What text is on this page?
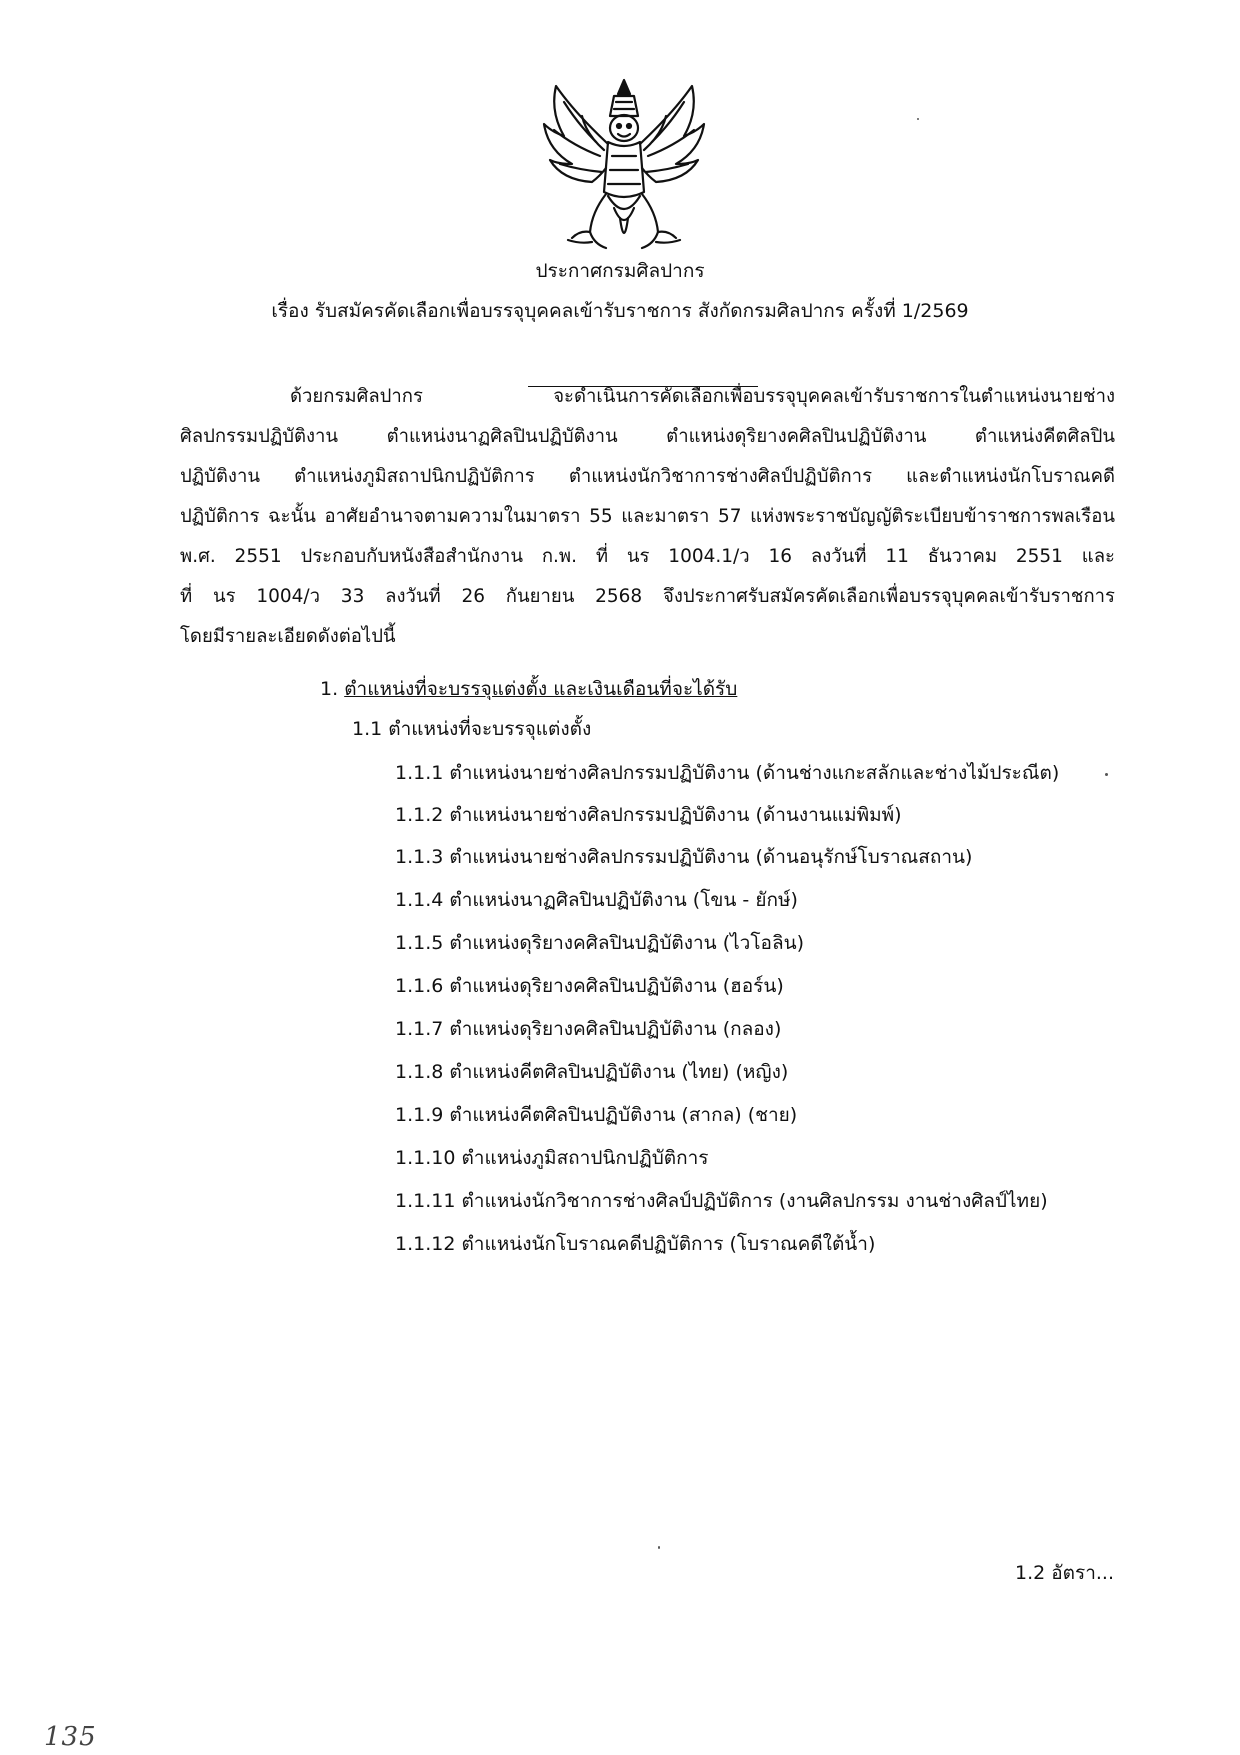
ประกาศกรมศิลปากร
เรื่อง รับสมัครคัดเลือกเพื่อบรรจุบุคคลเข้ารับราชการ สังกัดกรมศิลปากร ครั้งที่ 1/2569
ด้วยกรมศิลปากร จะดำเนินการคัดเลือกเพื่อบรรจุบุคคลเข้ารับราชการในตำแหน่งนายช่าง
ศิลปกรรมปฏิบัติงาน ตำแหน่งนาฏศิลปินปฏิบัติงาน ตำแหน่งดุริยางคศิลปินปฏิบัติงาน ตำแหน่งคีตศิลปิน
ปฏิบัติงาน ตำแหน่งภูมิสถาปนิกปฏิบัติการ ตำแหน่งนักวิชาการช่างศิลป์ปฏิบัติการ และตำแหน่งนักโบราณคดี
ปฏิบัติการ ฉะนั้น อาศัยอำนาจตามความในมาตรา 55 และมาตรา 57 แห่งพระราชบัญญัติระเบียบข้าราชการพลเรือน
พ.ศ. 2551 ประกอบกับหนังสือสำนักงาน ก.พ. ที่ นร 1004.1/ว 16 ลงวันที่ 11 ธันวาคม 2551 และ
ที่ นร 1004/ว 33 ลงวันที่ 26 กันยายน 2568 จึงประกาศรับสมัครคัดเลือกเพื่อบรรจุบุคคลเข้ารับราชการ
โดยมีรายละเอียดดังต่อไปนี้
1. ตำแหน่งที่จะบรรจุแต่งตั้ง และเงินเดือนที่จะได้รับ
1.1 ตำแหน่งที่จะบรรจุแต่งตั้ง
1.1.1 ตำแหน่งนายช่างศิลปกรรมปฏิบัติงาน (ด้านช่างแกะสลักและช่างไม้ประณีต)
1.1.2 ตำแหน่งนายช่างศิลปกรรมปฏิบัติงาน (ด้านงานแม่พิมพ์)
1.1.3 ตำแหน่งนายช่างศิลปกรรมปฏิบัติงาน (ด้านอนุรักษ์โบราณสถาน)
1.1.4 ตำแหน่งนาฏศิลปินปฏิบัติงาน (โขน - ยักษ์)
1.1.5 ตำแหน่งดุริยางคศิลปินปฏิบัติงาน (ไวโอลิน)
1.1.6 ตำแหน่งดุริยางคศิลปินปฏิบัติงาน (ฮอร์น)
1.1.7 ตำแหน่งดุริยางคศิลปินปฏิบัติงาน (กลอง)
1.1.8 ตำแหน่งคีตศิลปินปฏิบัติงาน (ไทย) (หญิง)
1.1.9 ตำแหน่งคีตศิลปินปฏิบัติงาน (สากล) (ชาย)
1.1.10 ตำแหน่งภูมิสถาปนิกปฏิบัติการ
1.1.11 ตำแหน่งนักวิชาการช่างศิลป์ปฏิบัติการ (งานศิลปกรรม งานช่างศิลป์ไทย)
1.1.12 ตำแหน่งนักโบราณคดีปฏิบัติการ (โบราณคดีใต้น้ำ)
1.2 อัตรา...
135
